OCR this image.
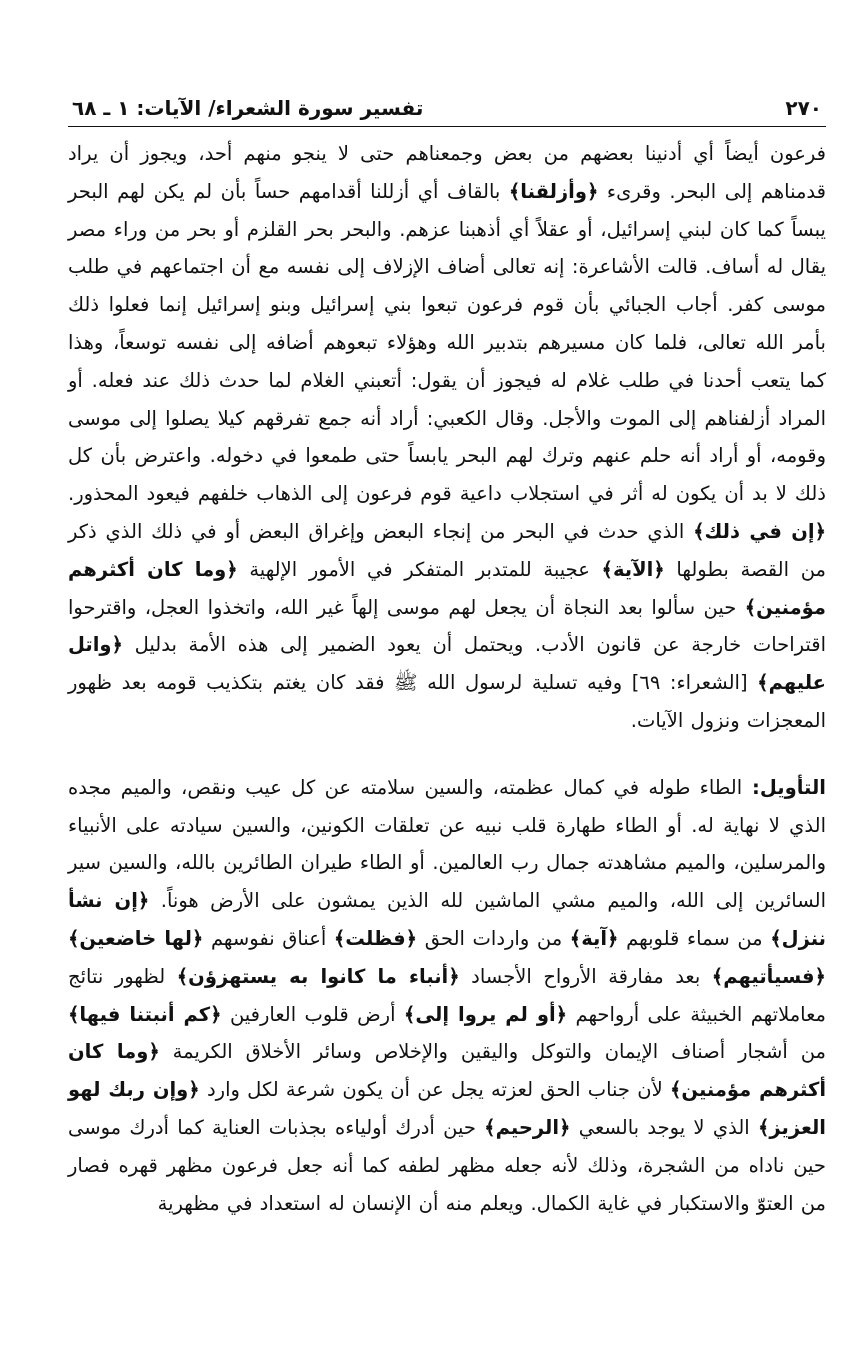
٢٧٠
تفسير سورة الشعراء/ الآيات: ١ ـ ٦٨

فرعون أيضاً أي أدنينا بعضهم من بعض وجمعناهم حتى لا ينجو منهم أحد، ويجوز أن يراد قدمناهم إلى البحر. وقرىء ﴿وأزلقنا﴾ بالقاف أي أزللنا أقدامهم حساً بأن لم يكن لهم البحر يبساً كما كان لبني إسرائيل، أو عقلاً أي أذهبنا عزهم. والبحر بحر القلزم أو بحر من وراء مصر يقال له أساف. قالت الأشاعرة: إنه تعالى أضاف الإزلاف إلى نفسه مع أن اجتماعهم في طلب موسى كفر. أجاب الجبائي بأن قوم فرعون تبعوا بني إسرائيل وبنو إسرائيل إنما فعلوا ذلك بأمر الله تعالى، فلما كان مسيرهم بتدبير الله وهؤلاء تبعوهم أضافه إلى نفسه توسعاً، وهذا كما يتعب أحدنا في طلب غلام له فيجوز أن يقول: أتعبني الغلام لما حدث ذلك عند فعله. أو المراد أزلفناهم إلى الموت والأجل. وقال الكعبي: أراد أنه جمع تفرقهم كيلا يصلوا إلى موسى وقومه، أو أراد أنه حلم عنهم وترك لهم البحر يابساً حتى طمعوا في دخوله. واعترض بأن كل ذلك لا بد أن يكون له أثر في استجلاب داعية قوم فرعون إلى الذهاب خلفهم فيعود المحذور. ﴿إن في ذلك﴾ الذي حدث في البحر من إنجاء البعض وإغراق البعض أو في ذلك الذي ذكر من القصة بطولها ﴿الآية﴾ عجيبة للمتدبر المتفكر في الأمور الإلهية ﴿وما كان أكثرهم مؤمنين﴾ حين سألوا بعد النجاة أن يجعل لهم موسى إلهاً غير الله، واتخذوا العجل، واقترحوا اقتراحات خارجة عن قانون الأدب. ويحتمل أن يعود الضمير إلى هذه الأمة بدليل ﴿واتل عليهم﴾ [الشعراء: ٦٩] وفيه تسلية لرسول الله ﷺ فقد كان يغتم بتكذيب قومه بعد ظهور المعجزات ونزول الآيات.

التأويل: الطاء طوله في كمال عظمته، والسين سلامته عن كل عيب ونقص، والميم مجده الذي لا نهاية له. أو الطاء طهارة قلب نبيه عن تعلقات الكونين، والسين سيادته على الأنبياء والمرسلين، والميم مشاهدته جمال رب العالمين. أو الطاء طيران الطائرين بالله، والسين سير السائرين إلى الله، والميم مشي الماشين لله الذين يمشون على الأرض هوناً. ﴿إن نشأ ننزل﴾ من سماء قلوبهم ﴿آية﴾ من واردات الحق ﴿فظلت﴾ أعناق نفوسهم ﴿لها خاضعين﴾ ﴿فسيأتيهم﴾ بعد مفارقة الأرواح الأجساد ﴿أنباء ما كانوا به يستهزؤن﴾ لظهور نتائج معاملاتهم الخبيثة على أرواحهم ﴿أو لم يروا إلى﴾ أرض قلوب العارفين ﴿كم أنبتنا فيها﴾ من أشجار أصناف الإيمان والتوكل واليقين والإخلاص وسائر الأخلاق الكريمة ﴿وما كان أكثرهم مؤمنين﴾ لأن جناب الحق لعزته يجل عن أن يكون شرعة لكل وارد ﴿وإن ربك لهو العزيز﴾ الذي لا يوجد بالسعي ﴿الرحيم﴾ حين أدرك أولياءه بجذبات العناية كما أدرك موسى حين ناداه من الشجرة، وذلك لأنه جعله مظهر لطفه كما أنه جعل فرعون مظهر قهره فصار من العتوّ والاستكبار في غاية الكمال. ويعلم منه أن الإنسان له استعداد في مظهرية
